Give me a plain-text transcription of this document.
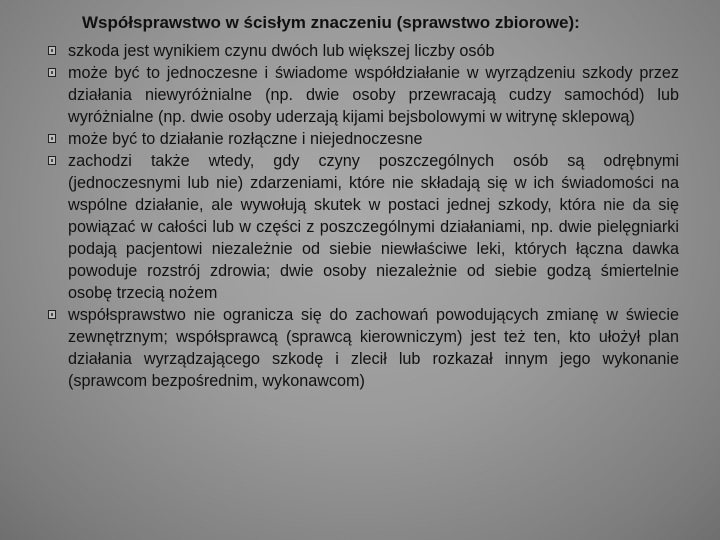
Współsprawstwo w ścisłym znaczeniu (sprawstwo zbiorowe):
szkoda jest wynikiem czynu dwóch lub większej liczby osób
może być to jednoczesne i świadome współdziałanie w wyrządzeniu szkody przez działania niewyróżnialne (np. dwie osoby przewracają cudzy samochód) lub wyróżnialne (np. dwie osoby uderzają kijami bejsbolowymi w witrynę sklepową)
może być to działanie rozłączne i niejednoczesne
zachodzi także wtedy, gdy czyny poszczególnych osób są odrębnymi (jednoczesnymi lub nie) zdarzeniami, które nie składają się w ich świadomości na wspólne działanie, ale wywołują skutek w postaci jednej szkody, która nie da się powiązać w całości lub w części z poszczególnymi działaniami, np. dwie pielęgniarki podają pacjentowi niezależnie od siebie niewłaściwe leki, których łączna dawka powoduje rozstrój zdrowia; dwie osoby niezależnie od siebie godzą śmiertelnie osobę trzecią nożem
współsprawstwo nie ogranicza się do zachowań powodujących zmianę w świecie zewnętrznym; współsprawcą (sprawcą kierowniczym) jest też ten, kto ułożył plan działania wyrządzającego szkodę i zlecił lub rozkazał innym jego wykonanie (sprawcom bezpośrednim, wykonawcom)
